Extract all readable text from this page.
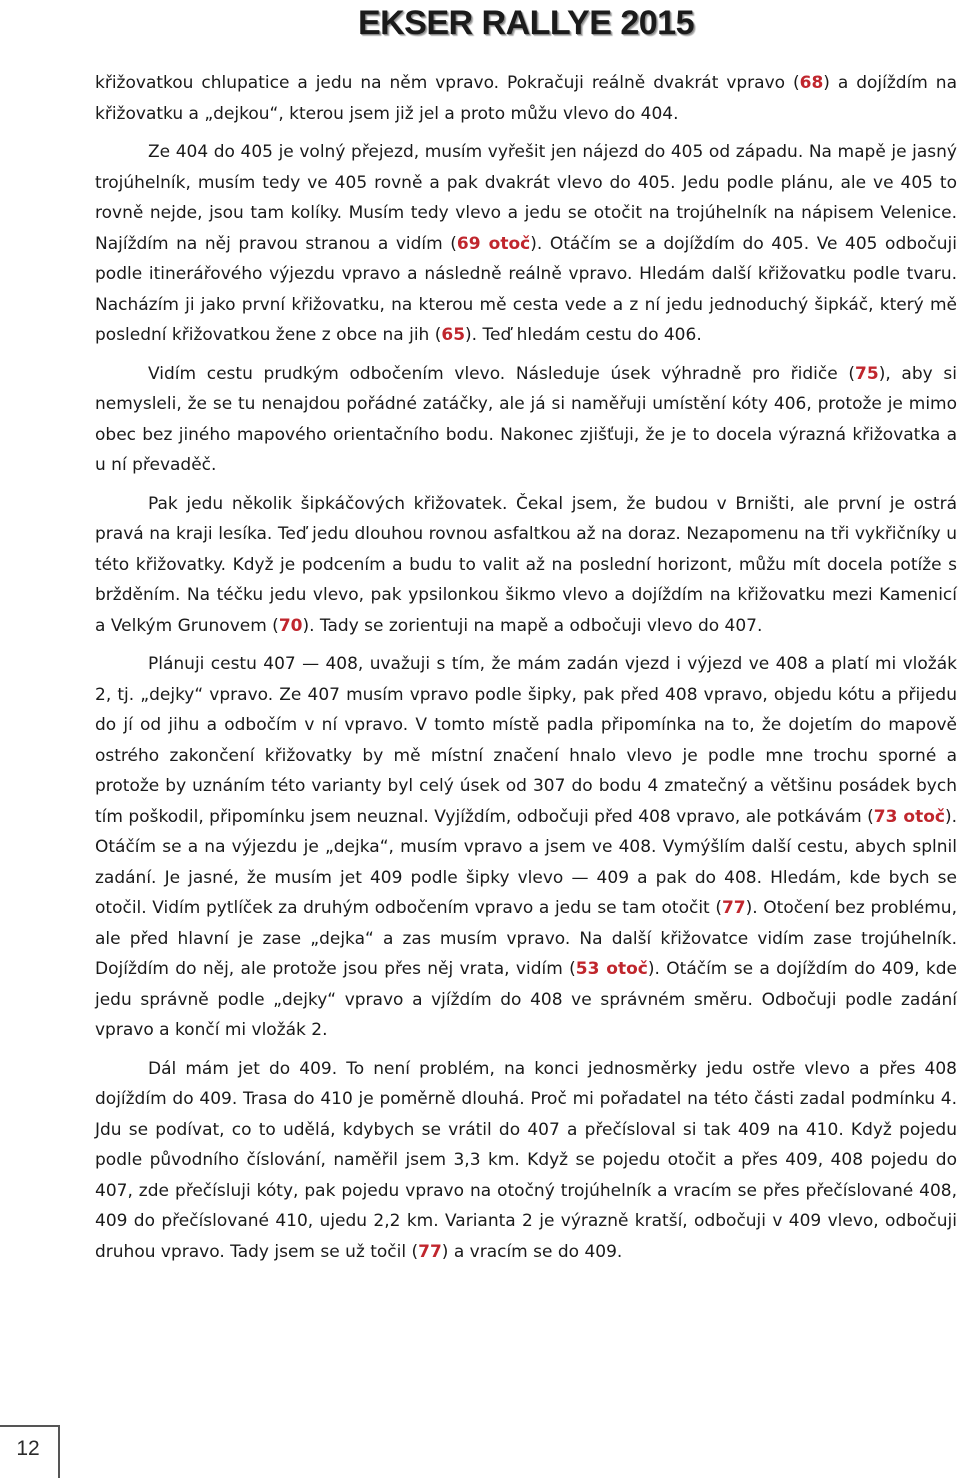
EKSER RALLYE 2015

křižovatkou chlupatice a jedu na něm vpravo. Pokračuji reálně dvakrát vpravo (68) a dojíždím na křižovatku a „dejkou“, kterou jsem již jel a proto můžu vlevo do 404.

Ze 404 do 405 je volný přejezd, musím vyřešit jen nájezd do 405 od západu. Na mapě je jasný trojúhelník, musím tedy ve 405 rovně a pak dvakrát vlevo do 405. Jedu podle plánu, ale ve 405 to rovně nejde, jsou tam kolíky. Musím tedy vlevo a jedu se otočit na trojúhelník na nápisem Velenice. Najíždím na něj pravou stranou a vidím (69 otoč). Otáčím se a dojíždím do 405. Ve 405 odbočuji podle itinerářového výjezdu vpravo a následně reálně vpravo. Hledám další křižovatku podle tvaru. Nacházím ji jako první křižovatku, na kterou mě cesta vede a z ní jedu jednoduchý šipkáč, který mě poslední křižovatkou žene z obce na jih (65). Teď hledám cestu do 406.

Vidím cestu prudkým odbočením vlevo. Následuje úsek výhradně pro řidiče (75), aby si nemysleli, že se tu nenajdou pořádné zatáčky, ale já si naměřuji umístění kóty 406, protože je mimo obec bez jiného mapového orientačního bodu. Nakonec zjišťuji, že je to docela výrazná křižovatka a u ní převaděč.

Pak jedu několik šipkáčových křižovatek. Čekal jsem, že budou v Brništi, ale první je ostrá pravá na kraji lesíka. Teď jedu dlouhou rovnou asfaltkou až na doraz. Nezapomenu na tři vykřičníky u této křižovatky. Když je podcením a budu to valit až na poslední horizont, můžu mít docela potíže s bržděním. Na téčku jedu vlevo, pak ypsilonkou šikmo vlevo a dojíždím na křižovatku mezi Kamenicí a Velkým Grunovem (70). Tady se zorientuji na mapě a odbočuji vlevo do 407.

Plánuji cestu 407 — 408, uvažuji s tím, že mám zadán vjezd i výjezd ve 408 a platí mi vložák 2, tj. „dejky“ vpravo. Ze 407 musím vpravo podle šipky, pak před 408 vpravo, objedu kótu a přijedu do jí od jihu a odbočím v ní vpravo. V tomto místě padla připomínka na to, že dojetím do mapově ostrého zakončení křižovatky by mě místní značení hnalo vlevo je podle mne trochu sporné a protože by uznáním této varianty byl celý úsek od 307 do bodu 4 zmatečný a většinu posádek bych tím poškodil, připomínku jsem neuznal. Vyjíždím, odbočuji před 408 vpravo, ale potkávám (73 otoč). Otáčím se a na výjezdu je „dejka“, musím vpravo a jsem ve 408. Vymýšlím další cestu, abych splnil zadání. Je jasné, že musím jet 409 podle šipky vlevo — 409 a pak do 408. Hledám, kde bych se otočil. Vidím pytlíček za druhým odbočením vpravo a jedu se tam otočit (77). Otočení bez problému, ale před hlavní je zase „dejka“ a zas musím vpravo. Na další křižovatce vidím zase trojúhelník. Dojíždím do něj, ale protože jsou přes něj vrata, vidím (53 otoč). Otáčím se a dojíždím do 409, kde jedu správně podle „dejky“ vpravo a vjíždím do 408 ve správném směru. Odbočuji podle zadání vpravo a končí mi vložák 2.

Dál mám jet do 409. To není problém, na konci jednosměrky jedu ostře vlevo a přes 408 dojíždím do 409. Trasa do 410 je poměrně dlouhá. Proč mi pořadatel na této části zadal podmínku 4. Jdu se podívat, co to udělá, kdybych se vrátil do 407 a přečísloval si tak 409 na 410. Když pojedu podle původního číslování, naměřil jsem 3,3 km. Když se pojedu otočit a přes 409, 408 pojedu do 407, zde přečísluji kóty, pak pojedu vpravo na otočný trojúhelník a vracím se přes přečíslované 408, 409 do přečíslované 410, ujedu 2,2 km. Varianta 2 je výrazně kratší, odbočuji v 409 vlevo, odbočuji druhou vpravo. Tady jsem se už točil (77) a vracím se do 409.

12
